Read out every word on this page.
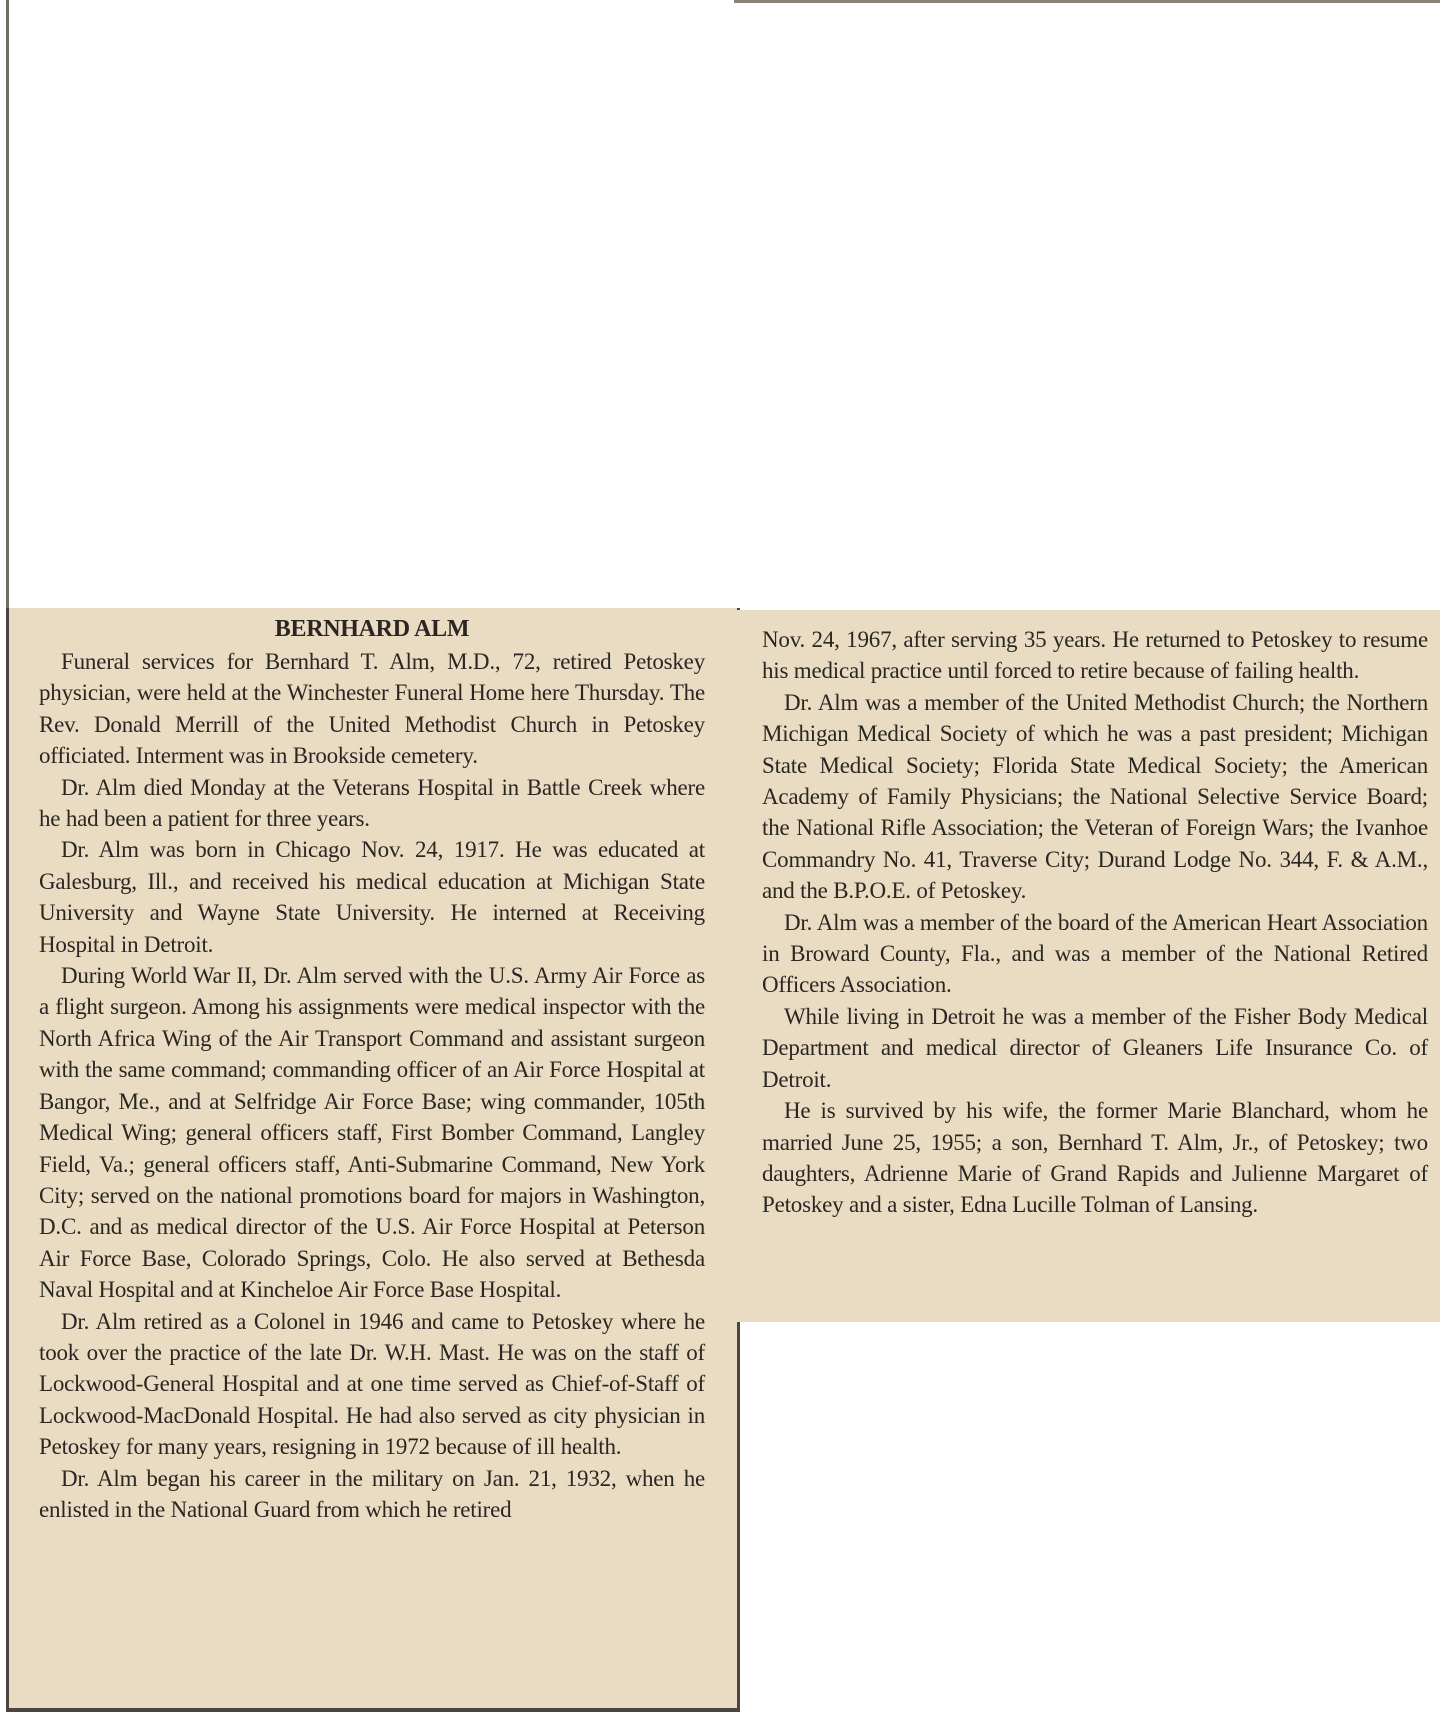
BERNHARD ALM

Funeral services for Bernhard T. Alm, M.D., 72, retired Petoskey physician, were held at the Winchester Funeral Home here Thursday. The Rev. Donald Merrill of the United Methodist Church in Petoskey officiated. Interment was in Brookside cemetery.

Dr. Alm died Monday at the Veterans Hospital in Battle Creek where he had been a patient for three years.

Dr. Alm was born in Chicago Nov. 24, 1917. He was educated at Galesburg, Ill., and received his medical education at Michigan State University and Wayne State University. He interned at Receiving Hospital in Detroit.

During World War II, Dr. Alm served with the U.S. Army Air Force as a flight surgeon. Among his assignments were medical inspector with the North Africa Wing of the Air Transport Command and assistant surgeon with the same command; commanding officer of an Air Force Hospital at Bangor, Me., and at Selfridge Air Force Base; wing commander, 105th Medical Wing; general officers staff, First Bomber Command, Langley Field, Va.; general officers staff, Anti-Submarine Command, New York City; served on the national promotions board for majors in Washington, D.C. and as medical director of the U.S. Air Force Hospital at Peterson Air Force Base, Colorado Springs, Colo. He also served at Bethesda Naval Hospital and at Kincheloe Air Force Base Hospital.

Dr. Alm retired as a Colonel in 1946 and came to Petoskey where he took over the practice of the late Dr. W.H. Mast. He was on the staff of Lockwood-General Hospital and at one time served as Chief-of-Staff of Lockwood-MacDonald Hospital. He had also served as city physician in Petoskey for many years, resigning in 1972 because of ill health.

Dr. Alm began his career in the military on Jan. 21, 1932, when he enlisted in the National Guard from which he retired

Nov. 24, 1967, after serving 35 years. He returned to Petoskey to resume his medical practice until forced to retire because of failing health.

Dr. Alm was a member of the United Methodist Church; the Northern Michigan Medical Society of which he was a past president; Michigan State Medical Society; Florida State Medical Society; the American Academy of Family Physicians; the National Selective Service Board; the National Rifle Association; the Veteran of Foreign Wars; the Ivanhoe Commandry No. 41, Traverse City; Durand Lodge No. 344, F. & A.M., and the B.P.O.E. of Petoskey.

Dr. Alm was a member of the board of the American Heart Association in Broward County, Fla., and was a member of the National Retired Officers Association.

While living in Detroit he was a member of the Fisher Body Medical Department and medical director of Gleaners Life Insurance Co. of Detroit.

He is survived by his wife, the former Marie Blanchard, whom he married June 25, 1955; a son, Bernhard T. Alm, Jr., of Petoskey; two daughters, Adrienne Marie of Grand Rapids and Julienne Margaret of Petoskey and a sister, Edna Lucille Tolman of Lansing.
